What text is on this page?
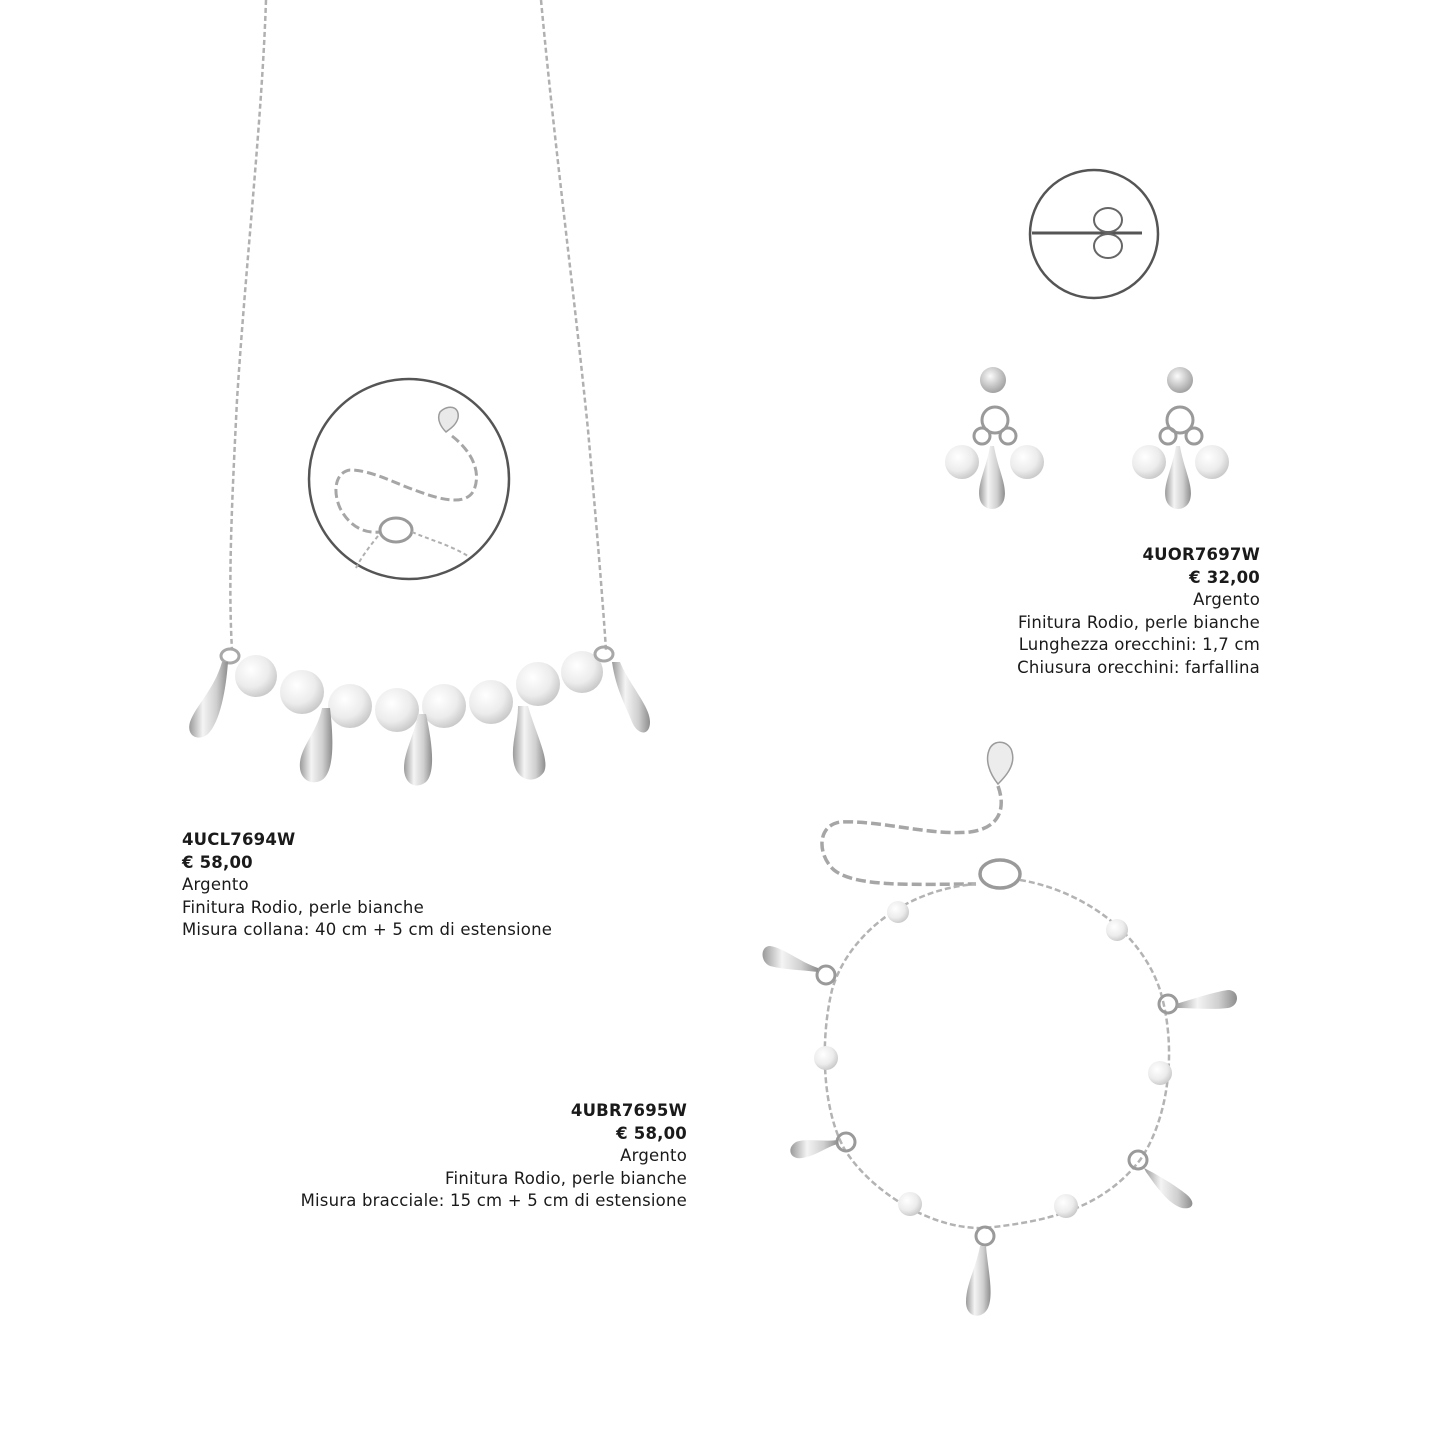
4UCL7694W
€ 58,00
Argento
Finitura Rodio, perle bianche
Misura collana: 40 cm + 5 cm di estensione
4UOR7697W
€ 32,00
Argento
Finitura Rodio, perle bianche
Lunghezza orecchini: 1,7 cm
Chiusura orecchini: farfallina
4UBR7695W
€ 58,00
Argento
Finitura Rodio, perle bianche
Misura bracciale: 15 cm + 5 cm di estensione
